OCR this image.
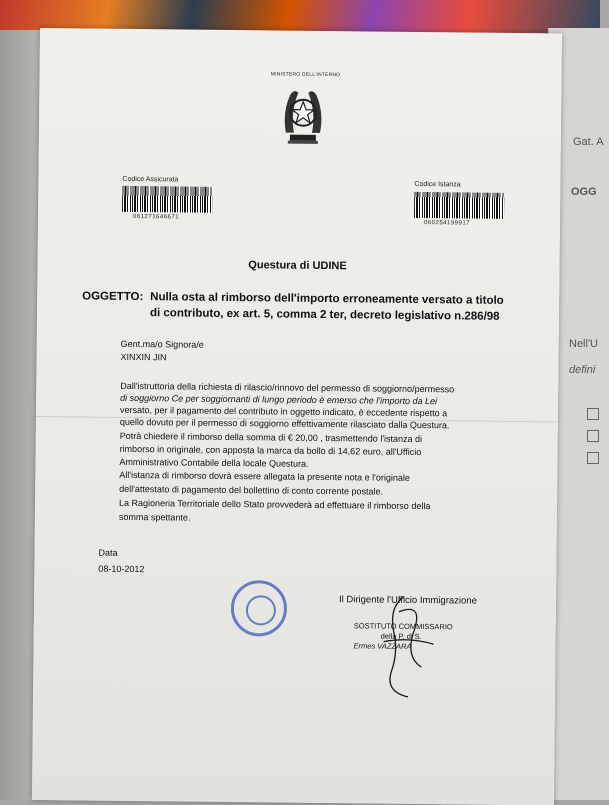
Gat. A
OGG
Nell'U
defini
MINISTERO DELL'INTERNO
Codice Assicurata
061271646671
Codice Istanza
060254199917
Questura di UDINE
OGGETTO: Nulla osta al rimborso dell'importo erroneamente versato a titolo
di contributo, ex art. 5, comma 2 ter, decreto legislativo n.286/98
Gent.ma/o Signora/e
XINXIN JIN
Dall'istruttoria della richiesta di rilascio/rinnovo del permesso di soggiorno/permesso
di soggiorno Ce per soggiornanti di lungo periodo è emerso che l'importo da Lei
versato, per il pagamento del contributo in oggetto indicato, è eccedente rispetto a
quello dovuto per il permesso di soggiorno effettivamente rilasciato dalla Questura.
Potrà chiedere il rimborso della somma di € 20,00 , trasmettendo l'istanza di
rimborso in originale, con apposta la marca da bollo di 14,62 euro, all'Ufficio
Amministrativo Contabile della locale Questura.
All'istanza di rimborso dovrà essere allegata la presente nota e l'originale
dell'attestato di pagamento del bollettino di conto corrente postale.
La Ragioneria Territoriale dello Stato provvederà ad effettuare il rimborso della
somma spettante.
Data
08-10-2012
Il Dirigente l'Ufficio Immigrazione
SOSTITUTO COMMISSARIO
della P. di S.
Ermes VAZZARA
